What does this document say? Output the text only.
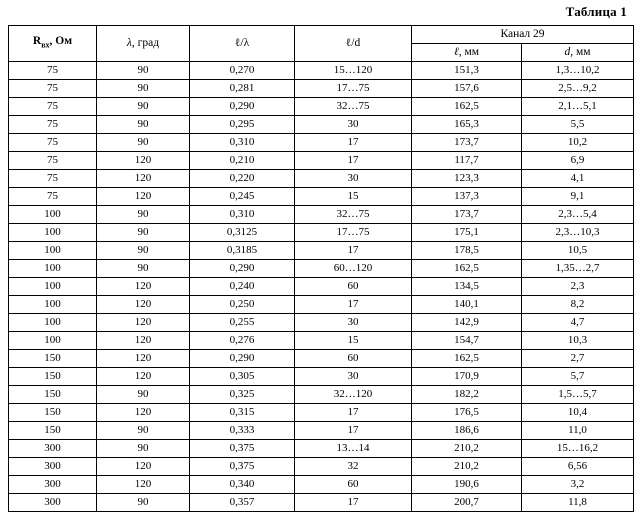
Таблица 1
$R_{вх}$, Ом	λ, град	ℓ/λ	ℓ/d	Канал 29	
				ℓ, мм	d, мм
75	90	0,270	15…120	151,3	1,3…10,2
75	90	0,281	17…75	157,6	2,5…9,2
75	90	0,290	32…75	162,5	2,1…5,1
75	90	0,295	30	165,3	5,5
75	90	0,310	17	173,7	10,2
75	120	0,210	17	117,7	6,9
75	120	0,220	30	123,3	4,1
75	120	0,245	15	137,3	9,1
100	90	0,310	32…75	173,7	2,3…5,4
100	90	0,3125	17…75	175,1	2,3…10,3
100	90	0,3185	17	178,5	10,5
100	90	0,290	60…120	162,5	1,35…2,7
100	120	0,240	60	134,5	2,3
100	120	0,250	17	140,1	8,2
100	120	0,255	30	142,9	4,7
100	120	0,276	15	154,7	10,3
150	120	0,290	60	162,5	2,7
150	120	0,305	30	170,9	5,7
150	90	0,325	32…120	182,2	1,5…5,7
150	120	0,315	17	176,5	10,4
150	90	0,333	17	186,6	11,0
300	90	0,375	13…14	210,2	15…16,2
300	120	0,375	32	210,2	6,56
300	120	0,340	60	190,6	3,2
300	90	0,357	17	200,7	11,8
